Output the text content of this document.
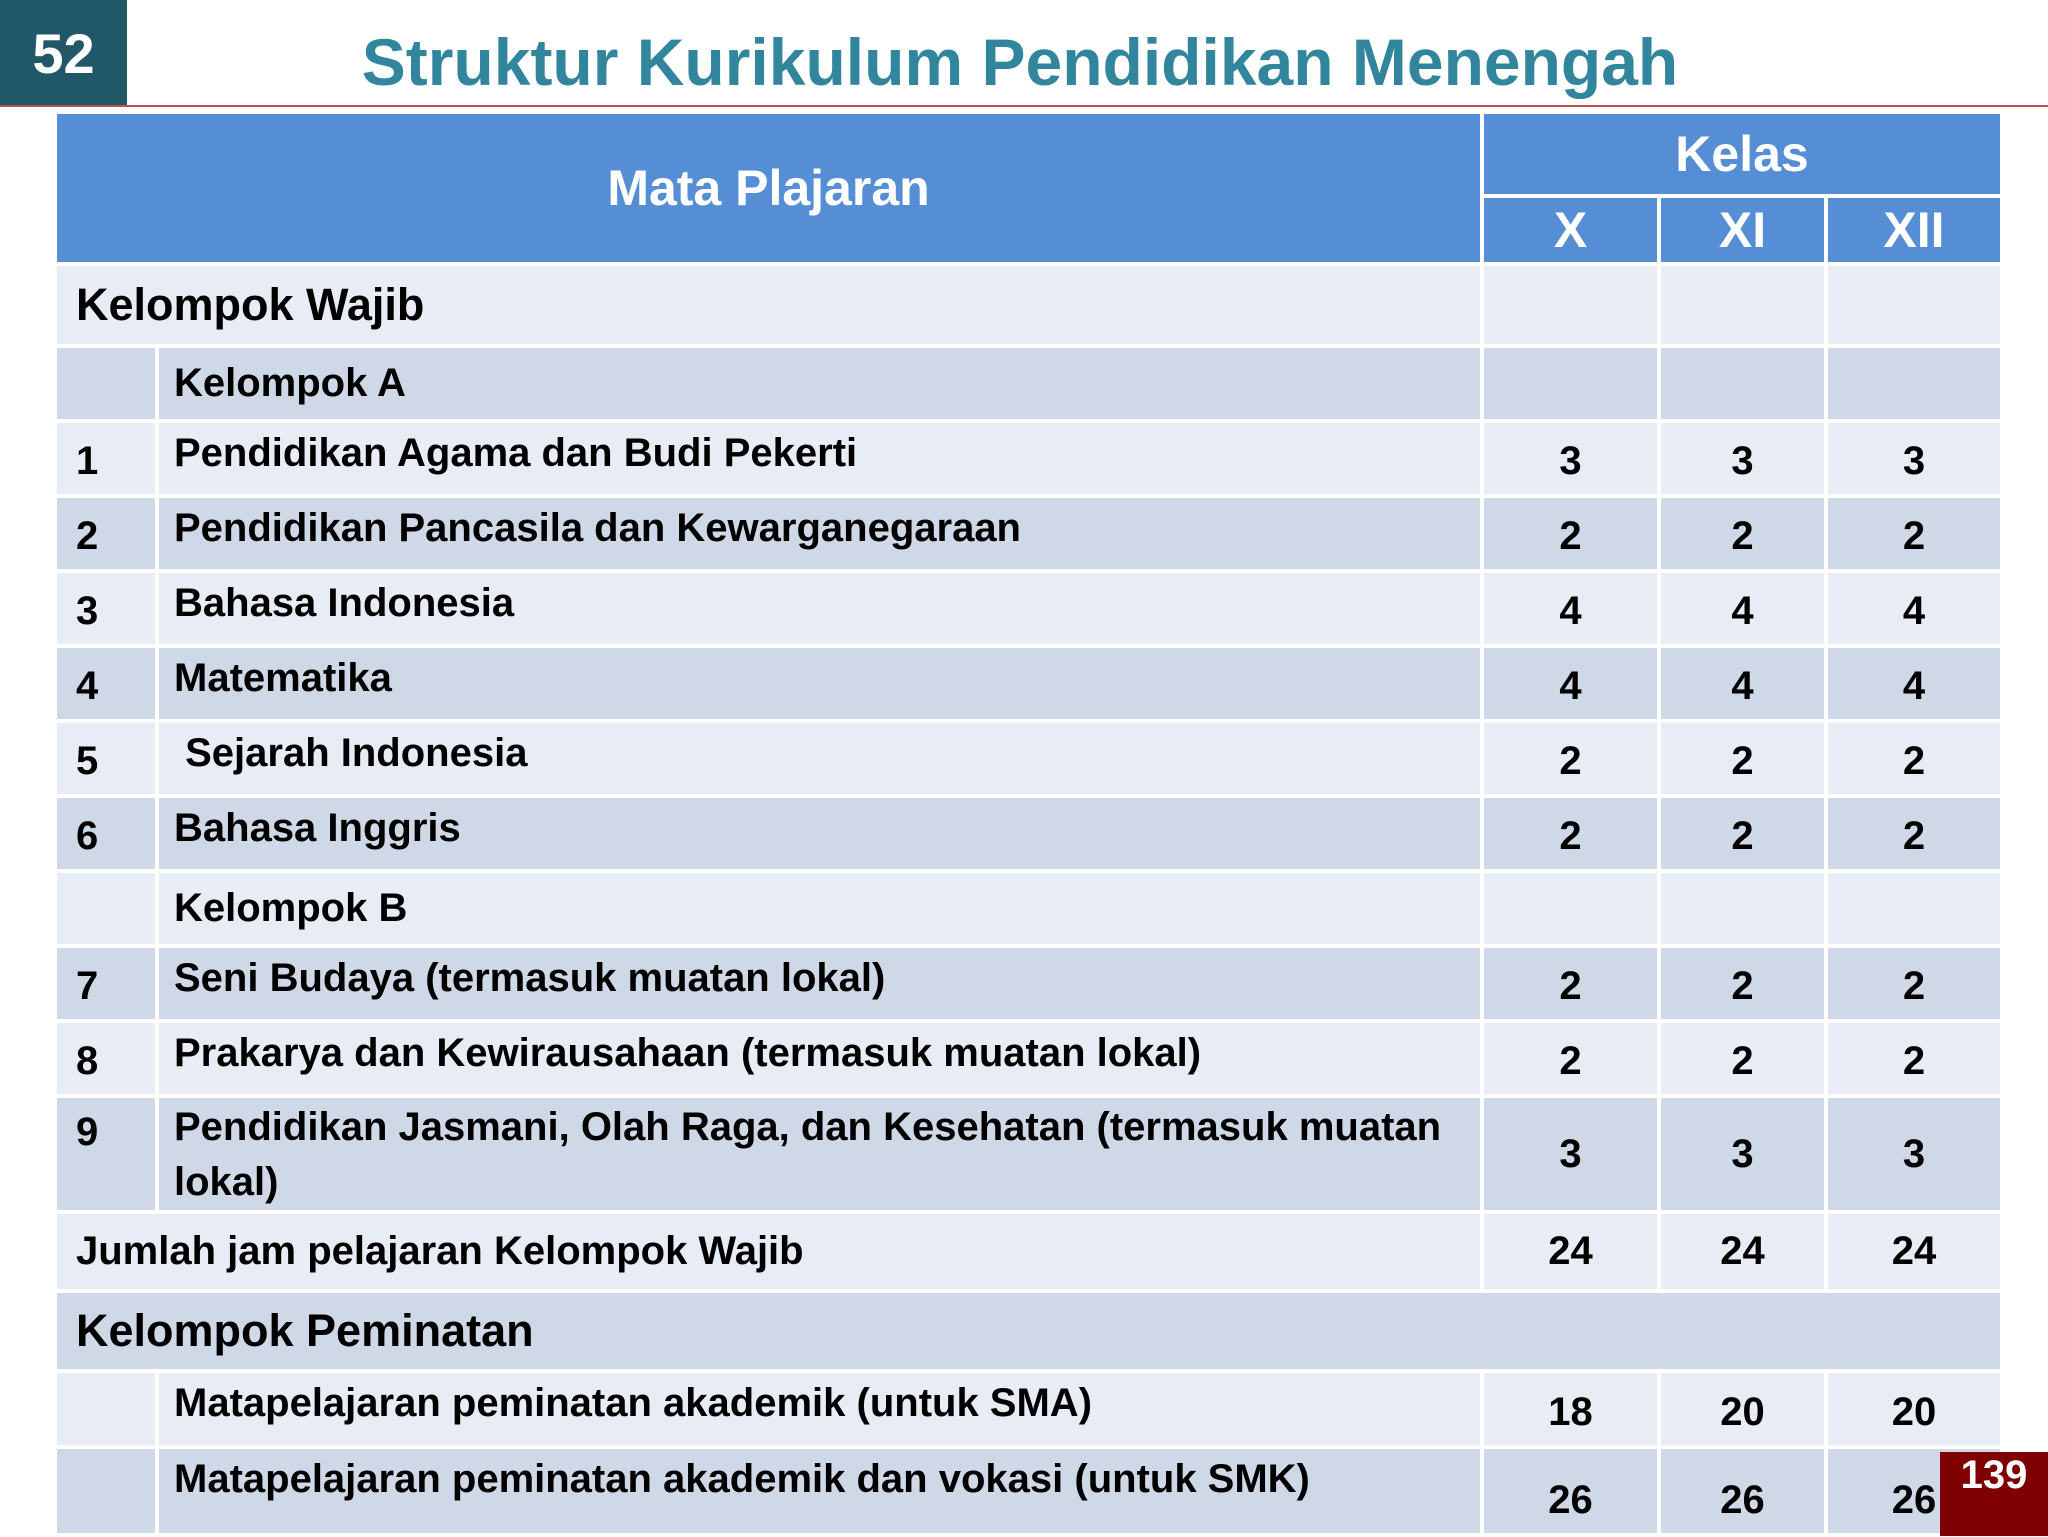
52	Struktur Kurikulum Pendidikan Menengah
Mata Plajaran		Kelas		
		X	XI	XII
Kelompok Wajib				
	Kelompok A			
1	Pendidikan Agama dan Budi Pekerti	3	3	3
2	Pendidikan Pancasila dan Kewarganegaraan	2	2	2
3	Bahasa Indonesia	4	4	4
4	Matematika	4	4	4
5	Sejarah Indonesia	2	2	2
6	Bahasa Inggris	2	2	2
	Kelompok B			
7	Seni Budaya (termasuk muatan lokal)	2	2	2
8	Prakarya dan Kewirausahaan (termasuk muatan lokal)	2	2	2
9	Pendidikan Jasmani, Olah Raga, dan Kesehatan (termasuk muatan lokal)	3	3	3
Jumlah jam pelajaran Kelompok Wajib		24	24	24
Kelompok Peminatan				
	Matapelajaran peminatan akademik (untuk SMA)	18	20	20
	Matapelajaran peminatan akademik dan vokasi (untuk SMK)	26	26	26
139
